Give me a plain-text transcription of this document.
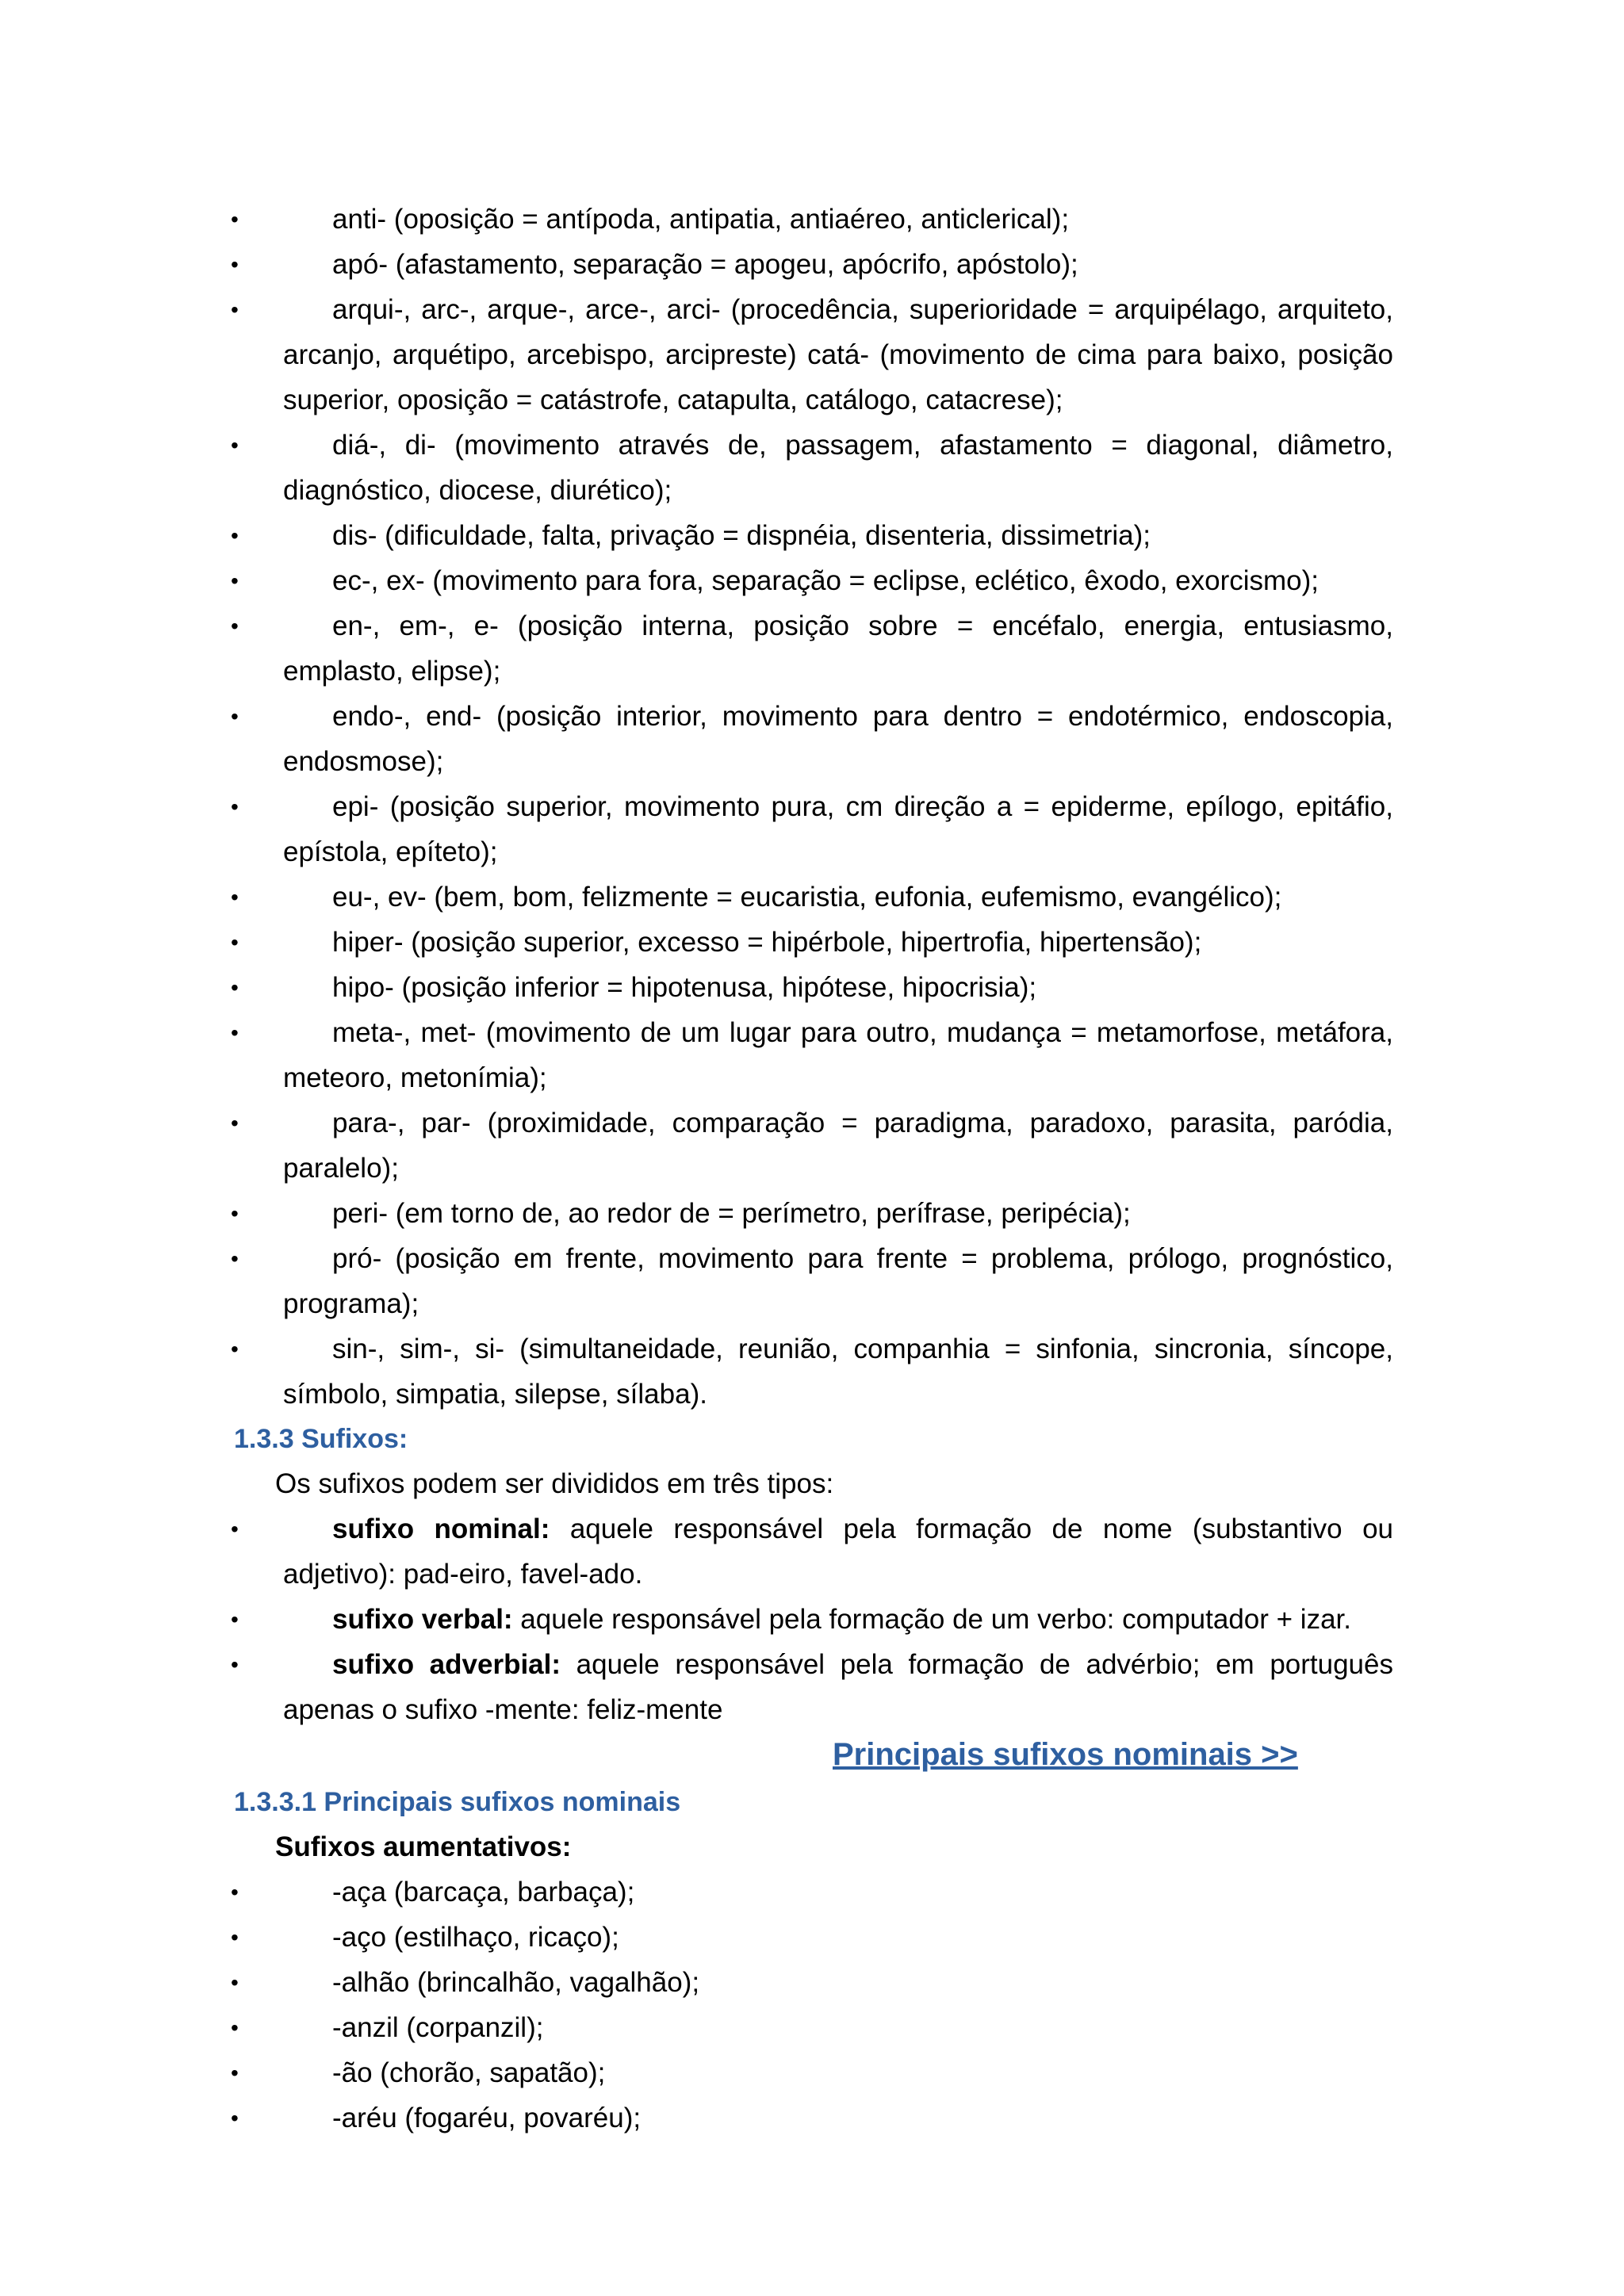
• anti- (oposição = antípoda, antipatia, antiaéreo, anticlerical);
• apó- (afastamento, separação = apogeu, apócrifo, apóstolo);
• arqui-, arc-, arque-, arce-, arci- (procedência, superioridade = arquipélago, arquiteto, arcanjo, arquétipo, arcebispo, arcipreste) catá- (movimento de cima para baixo, posição superior, oposição = catástrofe, catapulta, catálogo, catacrese);
• diá-, di- (movimento através de, passagem, afastamento = diagonal, diâmetro, diagnóstico, diocese, diurético);
• dis- (dificuldade, falta, privação = dispnéia, disenteria, dissimetria);
• ec-, ex- (movimento para fora, separação = eclipse, eclético, êxodo, exorcismo);
• en-, em-, e- (posição interna, posição sobre = encéfalo, energia, entusiasmo, emplasto, elipse);
• endo-, end- (posição interior, movimento para dentro = endotérmico, endoscopia, endosmose);
• epi- (posição superior, movimento pura, cm direção a = epiderme, epílogo, epitáfio, epístola, epíteto);
• eu-, ev- (bem, bom, felizmente = eucaristia, eufonia, eufemismo, evangélico);
• hiper- (posição superior, excesso = hipérbole, hipertrofia, hipertensão);
• hipo- (posição inferior = hipotenusa, hipótese, hipocrisia);
• meta-, met- (movimento de um lugar para outro, mudança = metamorfose, metáfora, meteoro, metonímia);
• para-, par- (proximidade, comparação = paradigma, paradoxo, parasita, paródia, paralelo);
• peri- (em torno de, ao redor de = perímetro, perífrase, peripécia);
• pró- (posição em frente, movimento para frente = problema, prólogo, prognóstico, programa);
• sin-, sim-, si- (simultaneidade, reunião, companhia = sinfonia, sincronia, síncope, símbolo, simpatia, silepse, sílaba).
1.3.3 Sufixos:
Os sufixos podem ser divididos em três tipos:
• sufixo nominal: aquele responsável pela formação de nome (substantivo ou adjetivo): pad-eiro, favel-ado.
• sufixo verbal: aquele responsável pela formação de um verbo: computador + izar.
• sufixo adverbial: aquele responsável pela formação de advérbio; em português apenas o sufixo -mente: feliz-mente
Principais sufixos nominais >>
1.3.3.1 Principais sufixos nominais
Sufixos aumentativos:
• -aça (barcaça, barbaça);
• -aço (estilhaço, ricaço);
• -alhão (brincalhão, vagalhão);
• -anzil (corpanzil);
• -ão (chorão, sapatão);
• -aréu (fogaréu, povaréu);
